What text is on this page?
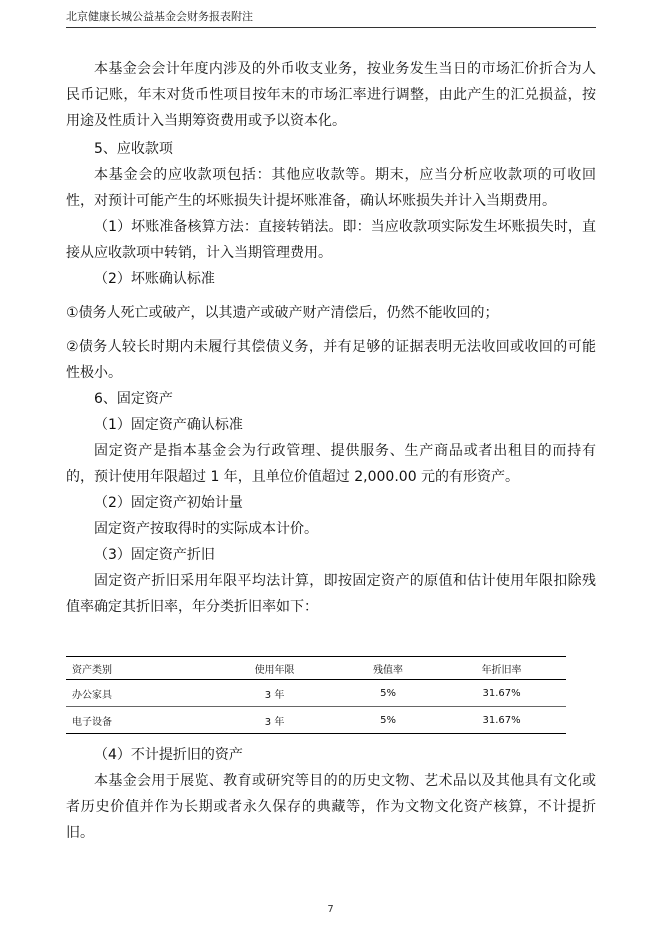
北京健康长城公益基金会财务报表附注

本基金会会计年度内涉及的外币收支业务，按业务发生当日的市场汇价折合为人民币记账，年末对货币性项目按年末的市场汇率进行调整，由此产生的汇兑损益，按用途及性质计入当期筹资费用或予以资本化。

5、应收款项

本基金会的应收款项包括：其他应收款等。期末，应当分析应收款项的可收回性，对预计可能产生的坏账损失计提坏账准备，确认坏账损失并计入当期费用。

（1）坏账准备核算方法：直接转销法。即：当应收款项实际发生坏账损失时，直接从应收款项中转销，计入当期管理费用。

（2）坏账确认标准

①债务人死亡或破产，以其遗产或破产财产清偿后，仍然不能收回的；

②债务人较长时期内未履行其偿债义务，并有足够的证据表明无法收回或收回的可能性极小。

6、固定资产

（1）固定资产确认标准

固定资产是指本基金会为行政管理、提供服务、生产商品或者出租目的而持有的，预计使用年限超过 1 年，且单位价值超过 2,000.00 元的有形资产。

（2）固定资产初始计量

固定资产按取得时的实际成本计价。

（3）固定资产折旧

固定资产折旧采用年限平均法计算，即按固定资产的原值和估计使用年限扣除残值率确定其折旧率，年分类折旧率如下：

资产类别	使用年限	残值率	年折旧率
办公家具	3 年	5%	31.67%
电子设备	3 年	5%	31.67%

（4）不计提折旧的资产

本基金会用于展览、教育或研究等目的的历史文物、艺术品以及其他具有文化或者历史价值并作为长期或者永久保存的典藏等，作为文物文化资产核算，不计提折旧。

7
